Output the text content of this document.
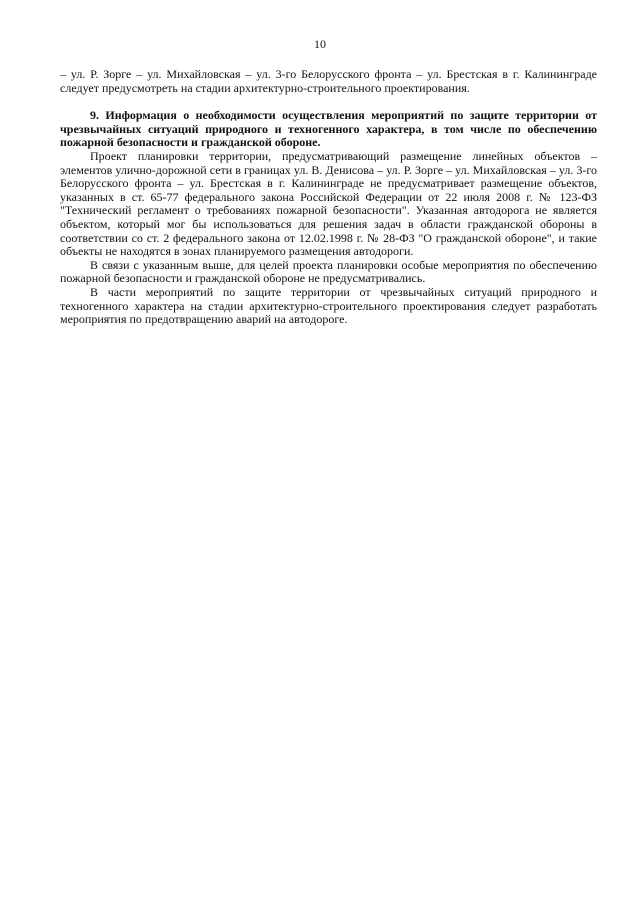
10

– ул. Р. Зорге – ул. Михайловская – ул. 3-го Белорусского фронта – ул. Брестская в г. Калининграде следует предусмотреть на стадии архитектурно-строительного проектирования.

9. Информация о необходимости осуществления мероприятий по защите территории от чрезвычайных ситуаций природного и техногенного характера, в том числе по обеспечению пожарной безопасности и гражданской обороне.

Проект планировки территории, предусматривающий размещение линейных объектов – элементов улично-дорожной сети в границах ул. В. Денисова – ул. Р. Зорге – ул. Михайловская – ул. 3-го Белорусского фронта – ул. Брестская в г. Калининграде не предусматривает размещение объектов, указанных в ст. 65-77 федерального закона Российской Федерации от 22 июля 2008 г. № 123-ФЗ "Технический регламент о требованиях пожарной безопасности". Указанная автодорога не является объектом, который мог бы использоваться для решения задач в области гражданской обороны в соответствии со ст. 2 федерального закона от 12.02.1998 г. № 28-ФЗ "О гражданской обороне", и такие объекты не находятся в зонах планируемого размещения автодороги.

В связи с указанным выше, для целей проекта планировки особые мероприятия по обеспечению пожарной безопасности и гражданской обороне не предусматривались.

В части мероприятий по защите территории от чрезвычайных ситуаций природного и техногенного характера на стадии архитектурно-строительного проектирования следует разработать мероприятия по предотвращению аварий на автодороге.
